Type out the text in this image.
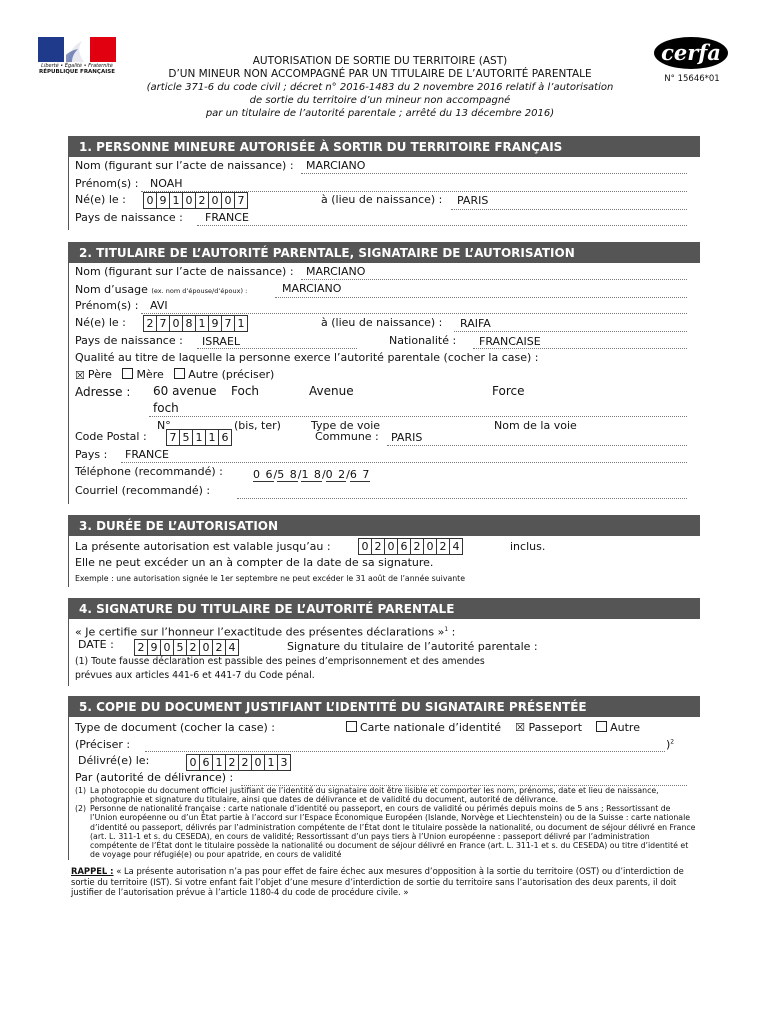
Liberté • Égalité • Fraternité
RÉPUBLIQUE FRANÇAISE
AUTORISATION DE SORTIE DU TERRITOIRE (AST)
D’UN MINEUR NON ACCOMPAGNÉ PAR UN TITULAIRE DE L’AUTORITÉ PARENTALE
(article 371-6 du code civil ; décret n° 2016-1483 du 2 novembre 2016 relatif à l’autorisation
de sortie du territoire d’un mineur non accompagné
par un titulaire de l’autorité parentale ; arrêté du 13 décembre 2016)
cerfa
N° 15646*01
1. PERSONNE MINEURE AUTORISÉE À SORTIR DU TERRITOIRE FRANÇAIS
Nom (figurant sur l’acte de naissance) : MARCIANO
Prénom(s) : NOAH
Né(e) le : 0 9 1 0 2 0 0 7	à (lieu de naissance) : PARIS
Pays de naissance : FRANCE
2. TITULAIRE DE L’AUTORITÉ PARENTALE, SIGNATAIRE DE L’AUTORISATION
Nom (figurant sur l’acte de naissance) : MARCIANO
Nom d’usage (ex. nom d’épouse/d’époux) :	MARCIANO
Prénom(s) : AVI
Né(e) le : 2 7 0 8 1 9 7 1	à (lieu de naissance) : RAIFA
Pays de naissance : ISRAEL	Nationalité : FRANCAISE
Qualité au titre de laquelle la personne exerce l’autorité parentale (cocher la case) :
☒ Père Mère Autre (préciser)
Adresse : 60 avenue Foch	Avenue	Force
foch
N°	(bis, ter)	Type de voie	Nom de la voie
Code Postal : 7 5 1 1 6	Commune : PARIS
Pays : FRANCE
Téléphone (recommandé) :	0 6/5 8/1 8/0 2/6 7
Courriel (recommandé) :
3. DURÉE DE L’AUTORISATION
La présente autorisation est valable jusqu’au :	0 2 0 6 2 0 2 4	inclus.
Elle ne peut excéder un an à compter de la date de sa signature.
Exemple : une autorisation signée le 1er septembre ne peut excéder le 31 août de l’année suivante
4. SIGNATURE DU TITULAIRE DE L’AUTORITÉ PARENTALE
« Je certifie sur l’honneur l’exactitude des présentes déclarations »$^1$ :
DATE : 2 9 0 5 2 0 2 4	Signature du titulaire de l’autorité parentale :
(1) Toute fausse déclaration est passible des peines d’emprisonnement et des amendes
prévues aux articles 441-6 et 441-7 du Code pénal.
5. COPIE DU DOCUMENT JUSTIFIANT L’IDENTITÉ DU SIGNATAIRE PRÉSENTÉE
Type de document (cocher la case) :	Carte nationale d’identité ☒ Passeport	Autre
(Préciser :	)$^2$
Délivré(e) le:	0 6 1 2 2 0 1 3
Par (autorité de délivrance) :
(1) La photocopie du document officiel justifiant de l’identité du signataire doit être lisible et comporter les nom, prénoms, date et lieu de naissance, photographie et signature du titulaire, ainsi que dates de délivrance et de validité du document, autorité de délivrance.
(2) Personne de nationalité française : carte nationale d’identité ou passeport, en cours de validité ou périmés depuis moins de 5 ans ; Ressortissant de l’Union européenne ou d’un État partie à l’accord sur l’Espace Économique Européen (Islande, Norvège et Liechtenstein) ou de la Suisse : carte nationale d’identité ou passeport, délivrés par l’administration compétente de l’État dont le titulaire possède la nationalité, ou document de séjour délivré en France (art. L. 311-1 et s. du CESEDA), en cours de validité; Ressortissant d’un pays tiers à l’Union européenne : passeport délivré par l’administration compétente de l’État dont le titulaire possède la nationalité ou document de séjour délivré en France (art. L. 311-1 et s. du CESEDA) ou titre d’identité et de voyage pour réfugié(e) ou pour apatride, en cours de validité
RAPPEL : « La présente autorisation n’a pas pour effet de faire échec aux mesures d’opposition à la sortie du territoire (OST) ou d’interdiction de sortie du territoire (IST). Si votre enfant fait l’objet d’une mesure d’interdiction de sortie du territoire sans l’autorisation des deux parents, il doit justifier de l’autorisation prévue à l’article 1180-4 du code de procédure civile. »
